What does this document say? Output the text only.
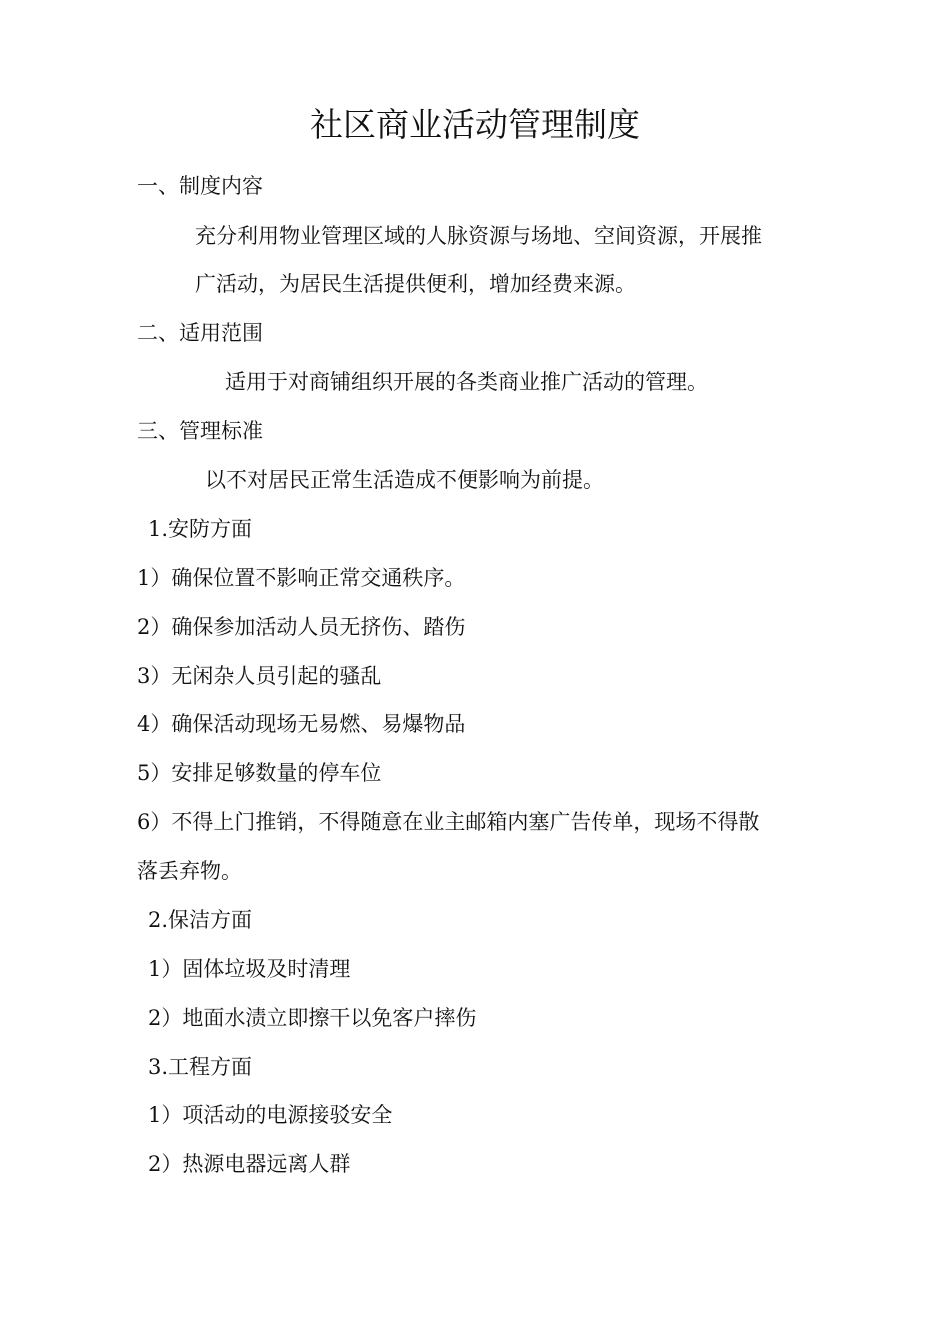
社区商业活动管理制度
一、制度内容
充分利用物业管理区域的人脉资源与场地、空间资源，开展推
广活动，为居民生活提供便利，增加经费来源。
二、适用范围
适用于对商铺组织开展的各类商业推广活动的管理。
三、管理标准
以不对居民正常生活造成不便影响为前提。
1.安防方面
1）确保位置不影响正常交通秩序。
2）确保参加活动人员无挤伤、踏伤
3）无闲杂人员引起的骚乱
4）确保活动现场无易燃、易爆物品
5）安排足够数量的停车位
6）不得上门推销，不得随意在业主邮箱内塞广告传单，现场不得散
落丢弃物。
2.保洁方面
1）固体垃圾及时清理
2）地面水渍立即擦干以免客户摔伤
3.工程方面
1）项活动的电源接驳安全
2）热源电器远离人群
